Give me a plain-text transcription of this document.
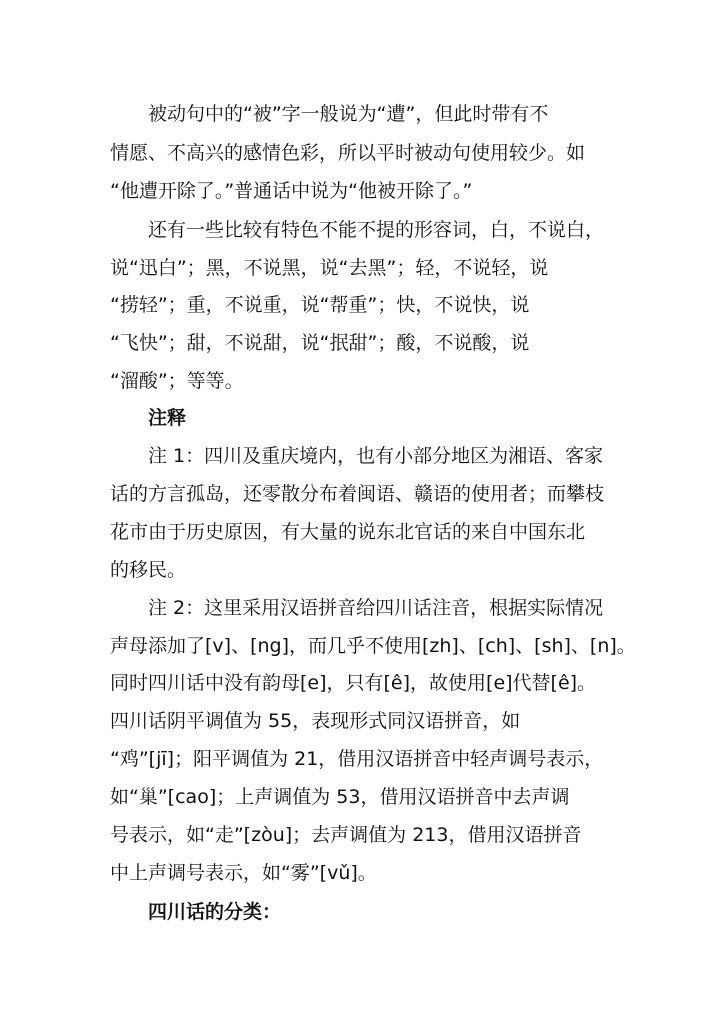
　　被动句中的“被”字一般说为“遭”，但此时带有不
情愿、不高兴的感情色彩，所以平时被动句使用较少。如
“他遭开除了。”普通话中说为“他被开除了。”
　　还有一些比较有特色不能不提的形容词，白，不说白，
说“迅白”；黑，不说黑，说“去黑”；轻，不说轻，说
“捞轻”；重，不说重，说“帮重”；快，不说快，说
“飞快”；甜，不说甜，说“抿甜”；酸，不说酸，说
“溜酸”；等等。
　　注释
　　注 1：四川及重庆境内，也有小部分地区为湘语、客家
话的方言孤岛，还零散分布着闽语、赣语的使用者；而攀枝
花市由于历史原因，有大量的说东北官话的来自中国东北
的移民。
　　注 2：这里采用汉语拼音给四川话注音，根据实际情况
声母添加了[v]、[ng]，而几乎不使用[zh]、[ch]、[sh]、[n]。
同时四川话中没有韵母[e]，只有[ê]，故使用[e]代替[ê]。
四川话阴平调值为 55，表现形式同汉语拼音，如
“鸡”[jī]；阳平调值为 21，借用汉语拼音中轻声调号表示，
如“巢”[cao]；上声调值为 53，借用汉语拼音中去声调
号表示，如“走”[zòu]；去声调值为 213，借用汉语拼音
中上声调号表示，如“雾”[vǔ]。
　　四川话的分类：
